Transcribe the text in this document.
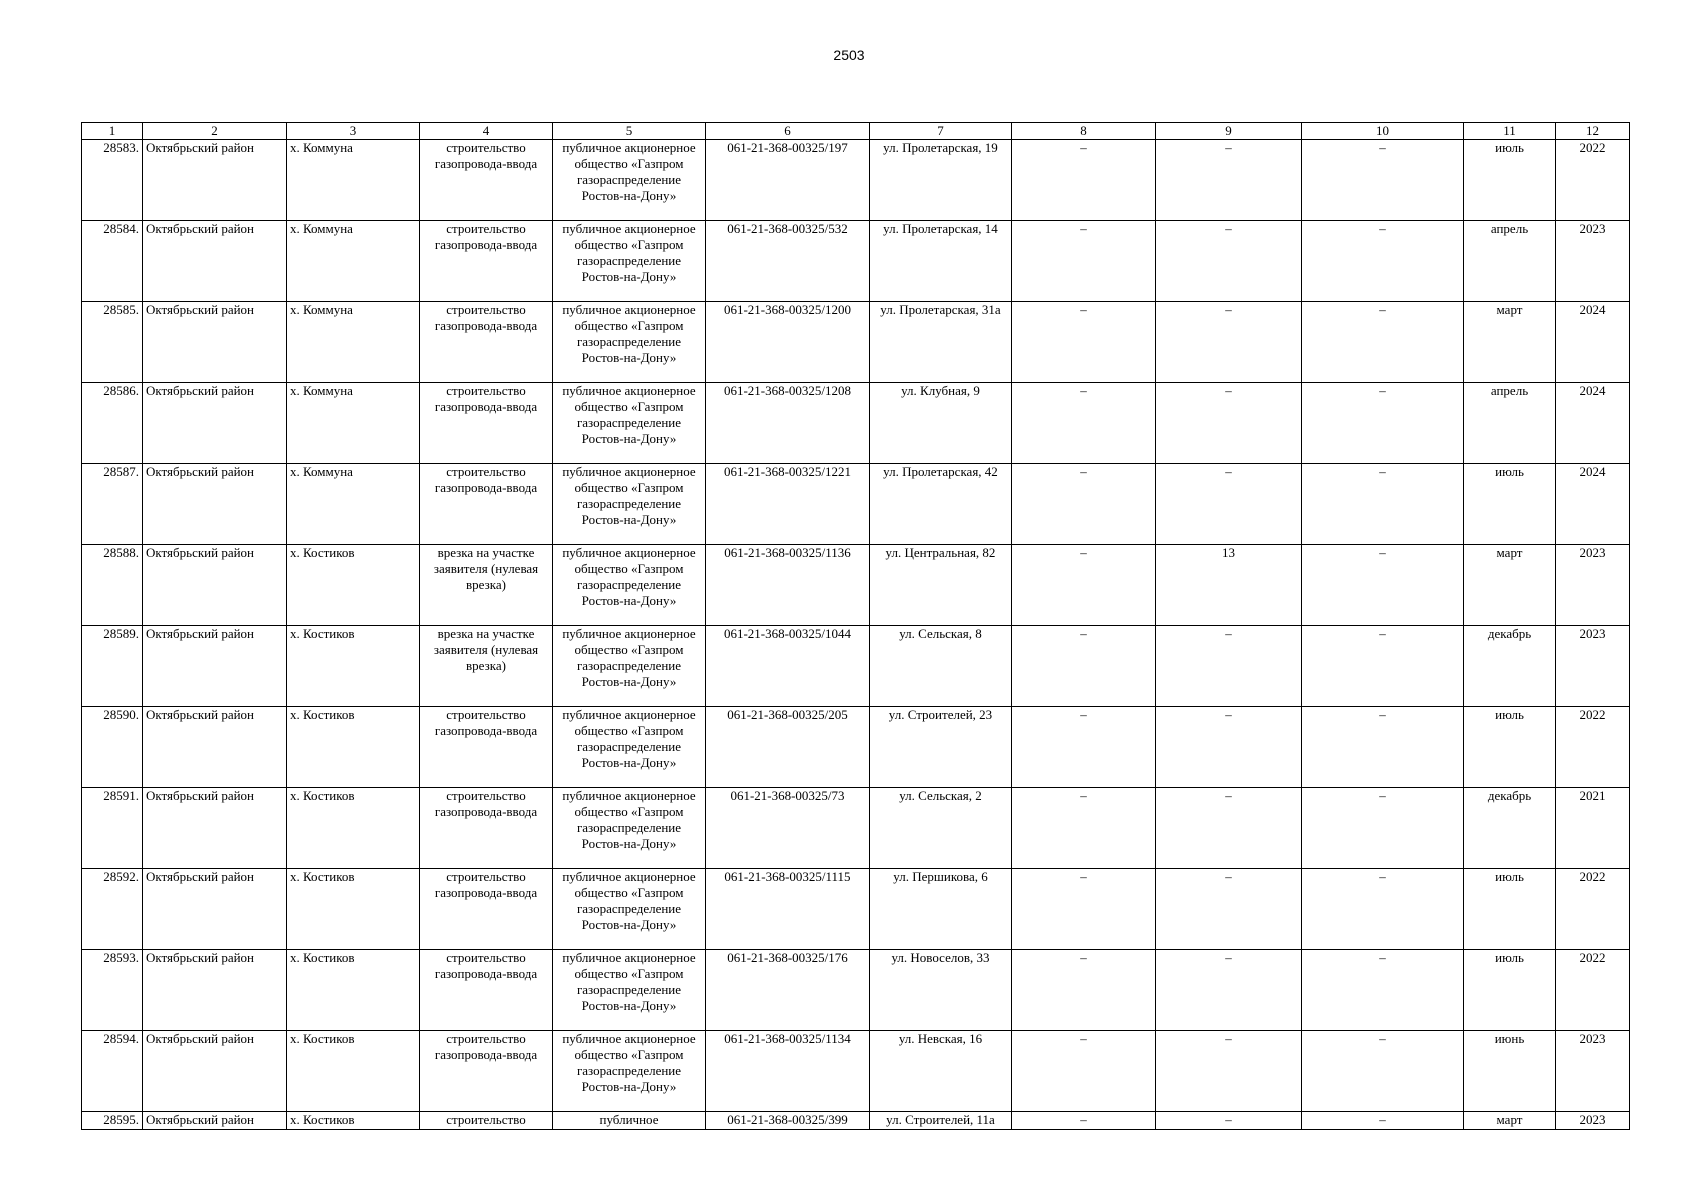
2503
1	2	3	4	5	6	7	8	9	10	11	12
28583.	Октябрьский район	х. Коммуна	строительство газопровода-ввода	публичное акционерное общество «Газпром газораспределение Ростов-на-Дону»	061-21-368-00325/197	ул. Пролетарская, 19	–	–	–	июль	2022
28584.	Октябрьский район	х. Коммуна	строительство газопровода-ввода	публичное акционерное общество «Газпром газораспределение Ростов-на-Дону»	061-21-368-00325/532	ул. Пролетарская, 14	–	–	–	апрель	2023
28585.	Октябрьский район	х. Коммуна	строительство газопровода-ввода	публичное акционерное общество «Газпром газораспределение Ростов-на-Дону»	061-21-368-00325/1200	ул. Пролетарская, 31а	–	–	–	март	2024
28586.	Октябрьский район	х. Коммуна	строительство газопровода-ввода	публичное акционерное общество «Газпром газораспределение Ростов-на-Дону»	061-21-368-00325/1208	ул. Клубная, 9	–	–	–	апрель	2024
28587.	Октябрьский район	х. Коммуна	строительство газопровода-ввода	публичное акционерное общество «Газпром газораспределение Ростов-на-Дону»	061-21-368-00325/1221	ул. Пролетарская, 42	–	–	–	июль	2024
28588.	Октябрьский район	х. Костиков	врезка на участке заявителя (нулевая врезка)	публичное акционерное общество «Газпром газораспределение Ростов-на-Дону»	061-21-368-00325/1136	ул. Центральная, 82	–	13	–	март	2023
28589.	Октябрьский район	х. Костиков	врезка на участке заявителя (нулевая врезка)	публичное акционерное общество «Газпром газораспределение Ростов-на-Дону»	061-21-368-00325/1044	ул. Сельская, 8	–	–	–	декабрь	2023
28590.	Октябрьский район	х. Костиков	строительство газопровода-ввода	публичное акционерное общество «Газпром газораспределение Ростов-на-Дону»	061-21-368-00325/205	ул. Строителей, 23	–	–	–	июль	2022
28591.	Октябрьский район	х. Костиков	строительство газопровода-ввода	публичное акционерное общество «Газпром газораспределение Ростов-на-Дону»	061-21-368-00325/73	ул. Сельская, 2	–	–	–	декабрь	2021
28592.	Октябрьский район	х. Костиков	строительство газопровода-ввода	публичное акционерное общество «Газпром газораспределение Ростов-на-Дону»	061-21-368-00325/1115	ул. Першикова, 6	–	–	–	июль	2022
28593.	Октябрьский район	х. Костиков	строительство газопровода-ввода	публичное акционерное общество «Газпром газораспределение Ростов-на-Дону»	061-21-368-00325/176	ул. Новоселов, 33	–	–	–	июль	2022
28594.	Октябрьский район	х. Костиков	строительство газопровода-ввода	публичное акционерное общество «Газпром газораспределение Ростов-на-Дону»	061-21-368-00325/1134	ул. Невская, 16	–	–	–	июнь	2023
28595.	Октябрьский район	х. Костиков	строительство	публичное	061-21-368-00325/399	ул. Строителей, 11а	–	–	–	март	2023
